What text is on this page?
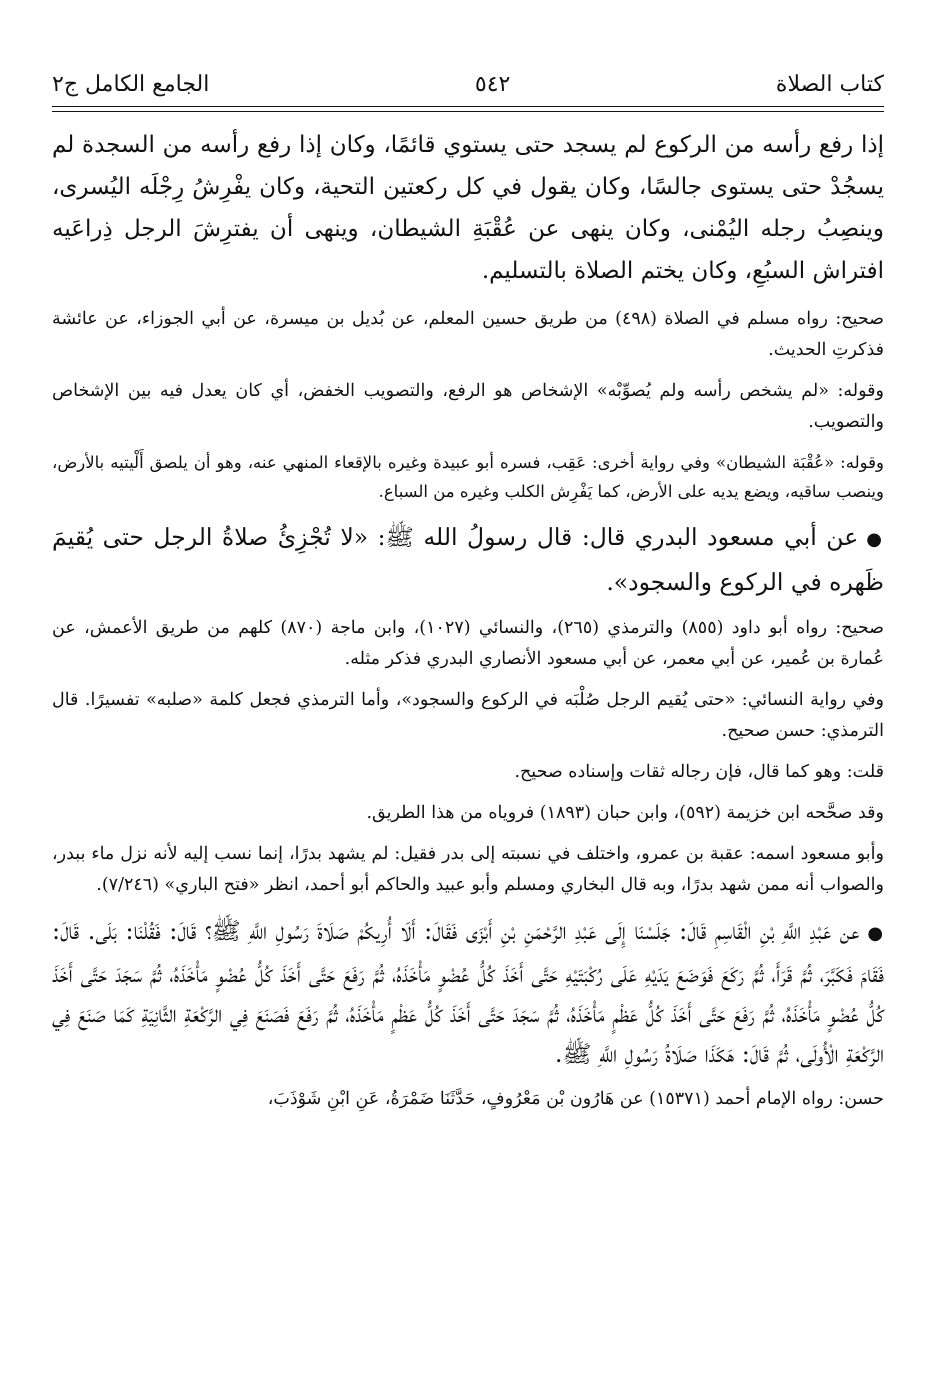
كتاب الصلاة
٥٤٢
الجامع الكامل ج٢

إذا رفع رأسه من الركوع لم يسجد حتى يستوي قائمًا، وكان إذا رفع رأسه من السجدة لم يسجُدْ حتى يستوى جالسًا، وكان يقول في كل ركعتين التحية، وكان يفْرِشُ رِجْلَه اليُسرى، وينصِبُ رجله اليُمْنى، وكان ينهى عن عُقْبَةِ الشيطان، وينهى أن يفترِشَ الرجل ذِراعَيه افتراش السبُعِ، وكان يختم الصلاة بالتسليم.

صحيح: رواه مسلم في الصلاة (٤٩٨) من طريق حسين المعلم، عن بُديل بن ميسرة، عن أبي الجوزاء، عن عائشة فذكرتِ الحديث.

وقوله: «لم يشخص رأسه ولم يُصوِّبْه» الإشخاص هو الرفع، والتصويب الخفض، أي كان يعدل فيه بين الإشخاص والتصويب.

وقوله: «عُقْبَة الشيطان» وفي رواية أخرى: عَقِب، فسره أبو عبيدة وغيره بالإقعاء المنهي عنه، وهو أن يلصق أَلْيتيه بالأرض، وينصب ساقيه، ويضع يديه على الأرض، كما يَفْرِش الكلب وغيره من السباع.

●عن أبي مسعود البدري قال: قال رسولُ الله ﷺ: «لا تُجْزِئُ صلاةُ الرجل حتى يُقيمَ ظَهره في الركوع والسجود».

صحيح: رواه أبو داود (٨٥٥) والترمذي (٢٦٥)، والنسائي (١٠٢٧)، وابن ماجة (٨٧٠) كلهم من طريق الأعمش، عن عُمارة بن عُمير، عن أبي معمر، عن أبي مسعود الأنصاري البدري فذكر مثله.

وفي رواية النسائي: «حتى يُقيم الرجل صُلْبَه في الركوع والسجود»، وأما الترمذي فجعل كلمة «صلبه» تفسيرًا. قال الترمذي: حسن صحيح.

قلت: وهو كما قال، فإن رجاله ثقات وإسناده صحيح.

وقد صحَّحه ابن خزيمة (٥٩٢)، وابن حبان (١٨٩٣) فروياه من هذا الطريق.

وأبو مسعود اسمه: عقبة بن عمرو، واختلف في نسبته إلى بدر فقيل: لم يشهد بدرًا، إنما نسب إليه لأنه نزل ماء ببدر، والصواب أنه ممن شهد بدرًا، وبه قال البخاري ومسلم وأبو عبيد والحاكم أبو أحمد، انظر «فتح الباري» (٧/٢٤٦).

●عن عَبْدِ اللَّهِ بْنِ الْقَاسِمِ قَالَ: جَلَسْنَا إِلَى عَبْدِ الرَّحْمَنِ بْنِ أَبْزَى فَقَالَ: أَلَا أُرِيكُمْ صَلَاةَ رَسُولِ اللَّهِ ﷺ؟ قَالَ: فَقُلْنَا: بَلَى. قَالَ: فَقَامَ فَكَبَّرَ، ثُمَّ قَرَأَ، ثُمَّ رَكَعَ فَوَضَعَ يَدَيْهِ عَلَى رُكْبَتَيْهِ حَتَّى أَخَذَ كُلُّ عُضْوٍ مَأْخَذَهُ، ثُمَّ رَفَعَ حَتَّى أَخَذَ كُلُّ عُضْوٍ مَأْخَذَهُ، ثُمَّ سَجَدَ حَتَّى أَخَذَ كُلُّ عُضْوٍ مَأْخَذَهُ، ثُمَّ رَفَعَ حَتَّى أَخَذَ كُلُّ عَظْمٍ مَأْخَذَهُ، ثُمَّ سَجَدَ حَتَّى أَخَذَ كُلُّ عَظْمٍ مَأْخَذَهُ، ثُمَّ رَفَعَ فَصَنَعَ فِي الرَّكْعَةِ الثَّانِيَةِ كَمَا صَنَعَ فِي الرَّكْعَةِ الْأُولَى، ثُمَّ قَالَ: هَكَذَا صَلَاةُ رَسُولِ اللَّهِ ﷺ.

حسن: رواه الإمام أحمد (١٥٣٧١) عن هَارُون بْن مَعْرُوفٍ، حَدَّثَنَا ضَمْرَةُ، عَنِ ابْنِ شَوْذَبَ،
